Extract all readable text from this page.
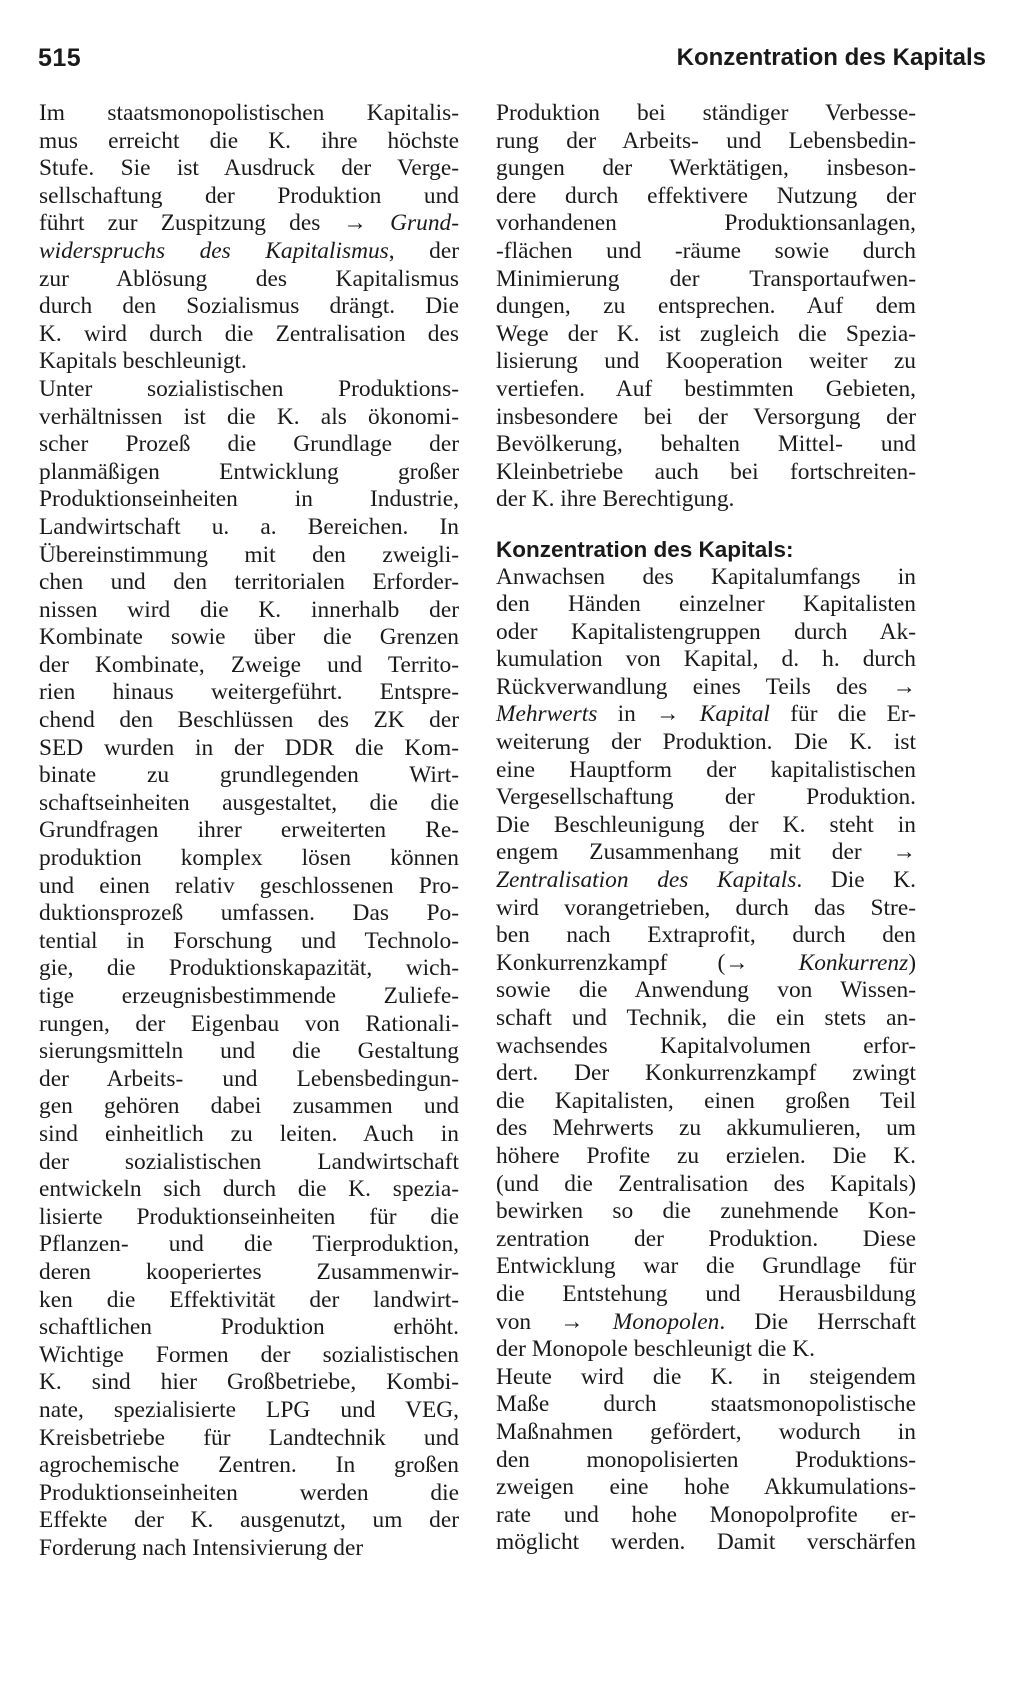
515	Konzentration des Kapitals
Im staatsmonopolistischen Kapitalis-
mus erreicht die K. ihre höchste
Stufe. Sie ist Ausdruck der Verge-
sellschaftung der Produktion und
führt zur Zuspitzung des → Grund-
widerspruchs des Kapitalismus, der
zur Ablösung des Kapitalismus
durch den Sozialismus drängt. Die
K. wird durch die Zentralisation des
Kapitals beschleunigt.
Unter sozialistischen Produktions-
verhältnissen ist die K. als ökonomi-
scher Prozeß die Grundlage der
planmäßigen Entwicklung großer
Produktionseinheiten in Industrie,
Landwirtschaft u. a. Bereichen. In
Übereinstimmung mit den zweigli-
chen und den territorialen Erforder-
nissen wird die K. innerhalb der
Kombinate sowie über die Grenzen
der Kombinate, Zweige und Territo-
rien hinaus weitergeführt. Entspre-
chend den Beschlüssen des ZK der
SED wurden in der DDR die Kom-
binate zu grundlegenden Wirt-
schaftseinheiten ausgestaltet, die die
Grundfragen ihrer erweiterten Re-
produktion komplex lösen können
und einen relativ geschlossenen Pro-
duktionsprozeß umfassen. Das Po-
tential in Forschung und Technolo-
gie, die Produktionskapazität, wich-
tige erzeugnisbestimmende Zuliefe-
rungen, der Eigenbau von Rationali-
sierungsmitteln und die Gestaltung
der Arbeits- und Lebensbedingun-
gen gehören dabei zusammen und
sind einheitlich zu leiten. Auch in
der sozialistischen Landwirtschaft
entwickeln sich durch die K. spezia-
lisierte Produktionseinheiten für die
Pflanzen- und die Tierproduktion,
deren kooperiertes Zusammenwir-
ken die Effektivität der landwirt-
schaftlichen Produktion erhöht.
Wichtige Formen der sozialistischen
K. sind hier Großbetriebe, Kombi-
nate, spezialisierte LPG und VEG,
Kreisbetriebe für Landtechnik und
agrochemische Zentren. In großen
Produktionseinheiten werden die
Effekte der K. ausgenutzt, um der
Forderung nach Intensivierung der
Produktion bei ständiger Verbesse-
rung der Arbeits- und Lebensbedin-
gungen der Werktätigen, insbeson-
dere durch effektivere Nutzung der
vorhandenen Produktionsanlagen,
-flächen und -räume sowie durch
Minimierung der Transportaufwen-
dungen, zu entsprechen. Auf dem
Wege der K. ist zugleich die Spezia-
lisierung und Kooperation weiter zu
vertiefen. Auf bestimmten Gebieten,
insbesondere bei der Versorgung der
Bevölkerung, behalten Mittel- und
Kleinbetriebe auch bei fortschreiten-
der K. ihre Berechtigung.
Konzentration des Kapitals:
Anwachsen des Kapitalumfangs in
den Händen einzelner Kapitalisten
oder Kapitalistengruppen durch Ak-
kumulation von Kapital, d. h. durch
Rückverwandlung eines Teils des →
Mehrwerts in → Kapital für die Er-
weiterung der Produktion. Die K. ist
eine Hauptform der kapitalistischen
Vergesellschaftung der Produktion.
Die Beschleunigung der K. steht in
engem Zusammenhang mit der →
Zentralisation des Kapitals. Die K.
wird vorangetrieben, durch das Stre-
ben nach Extraprofit, durch den
Konkurrenzkampf (→ Konkurrenz)
sowie die Anwendung von Wissen-
schaft und Technik, die ein stets an-
wachsendes Kapitalvolumen erfor-
dert. Der Konkurrenzkampf zwingt
die Kapitalisten, einen großen Teil
des Mehrwerts zu akkumulieren, um
höhere Profite zu erzielen. Die K.
(und die Zentralisation des Kapitals)
bewirken so die zunehmende Kon-
zentration der Produktion. Diese
Entwicklung war die Grundlage für
die Entstehung und Herausbildung
von → Monopolen. Die Herrschaft
der Monopole beschleunigt die K.
Heute wird die K. in steigendem
Maße durch staatsmonopolistische
Maßnahmen gefördert, wodurch in
den monopolisierten Produktions-
zweigen eine hohe Akkumulations-
rate und hohe Monopolprofite er-
möglicht werden. Damit verschärfen
